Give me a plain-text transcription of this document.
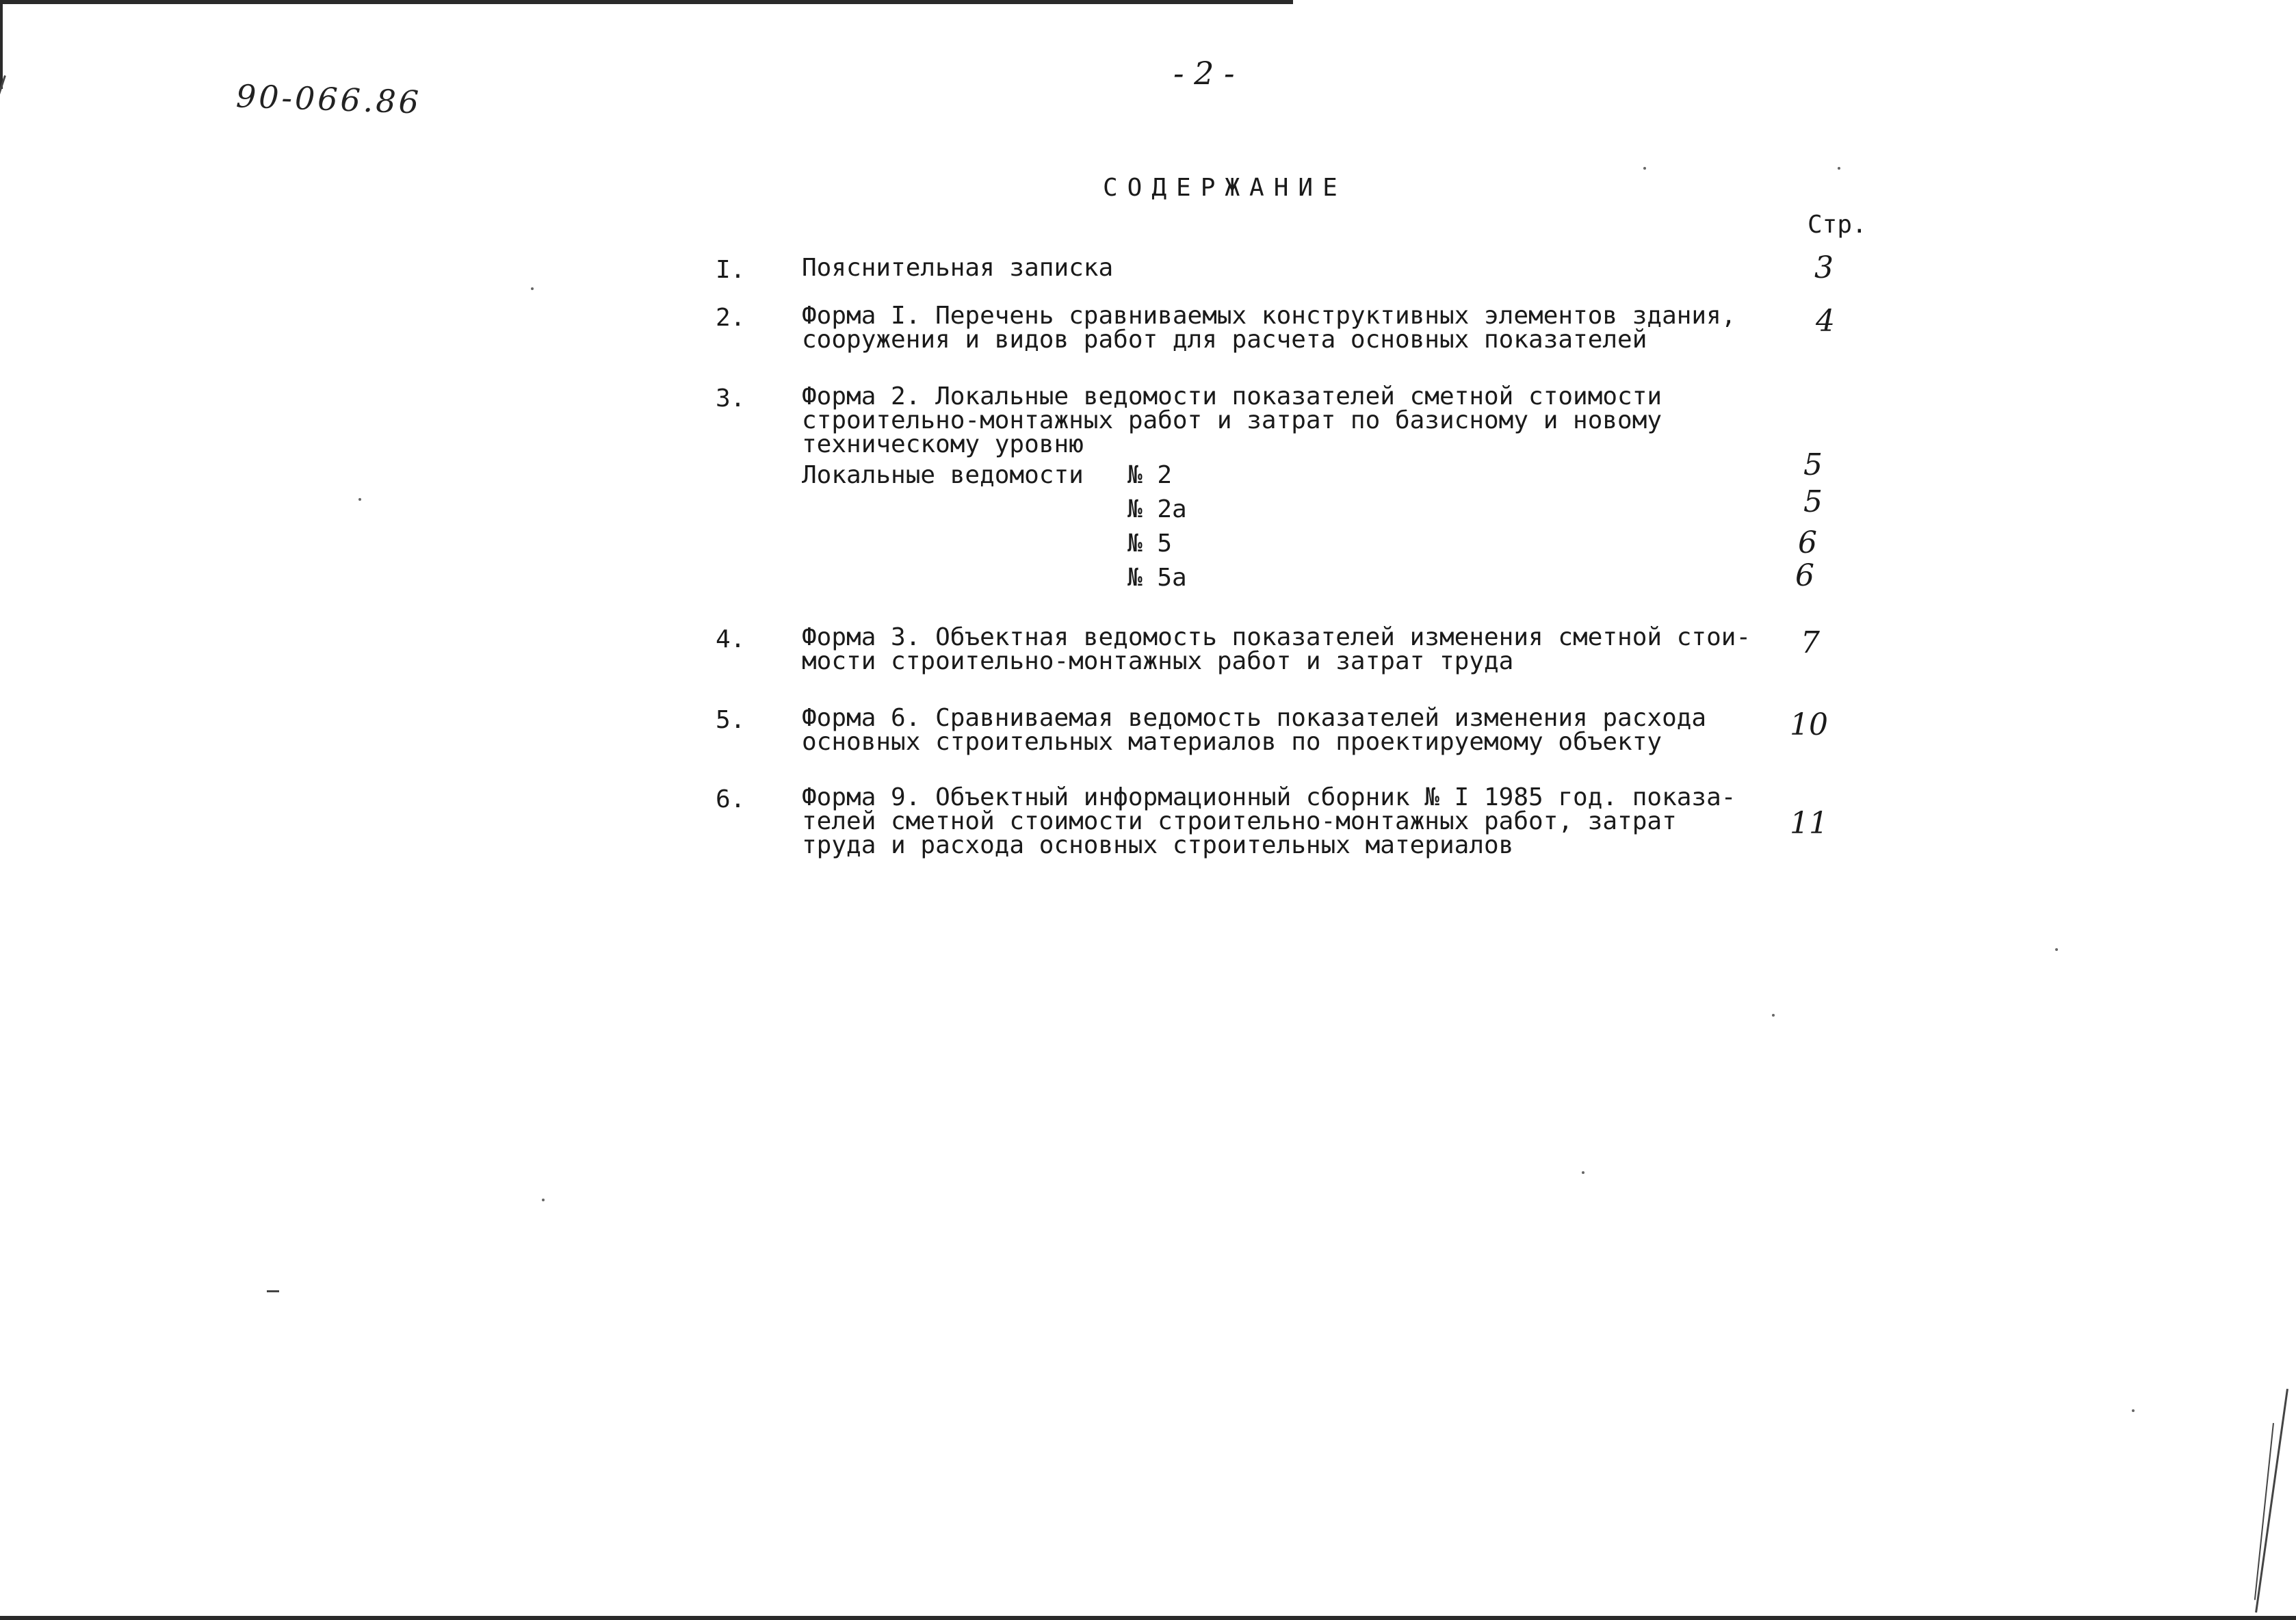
90-066.86
- 2 -
СОДЕРЖАНИЕ
Стр.
I. Пояснительная записка	3
2. Форма I. Перечень сравниваемых конструктивных элементов здания,
сооружения и видов работ для расчета основных показателей
4
3. Форма 2. Локальные ведомости показателей сметной стоимости
строительно-монтажных работ и затрат по базисному и новому
техническому уровню
Локальные ведомости № 2	5
№ 2а	5
№ 5	6
№ 5а	6
4. Форма 3. Объектная ведомость показателей изменения сметной стои-
мости строительно-монтажных работ и затрат труда
7
5. Форма 6. Сравниваемая ведомость показателей изменения расхода
основных строительных материалов по проектируемому объекту	10
6. Форма 9. Объектный информационный сборник № I 1985 год. показа-
телей сметной стоимости строительно-монтажных работ, затрат
труда и расхода основных строительных материалов
11
